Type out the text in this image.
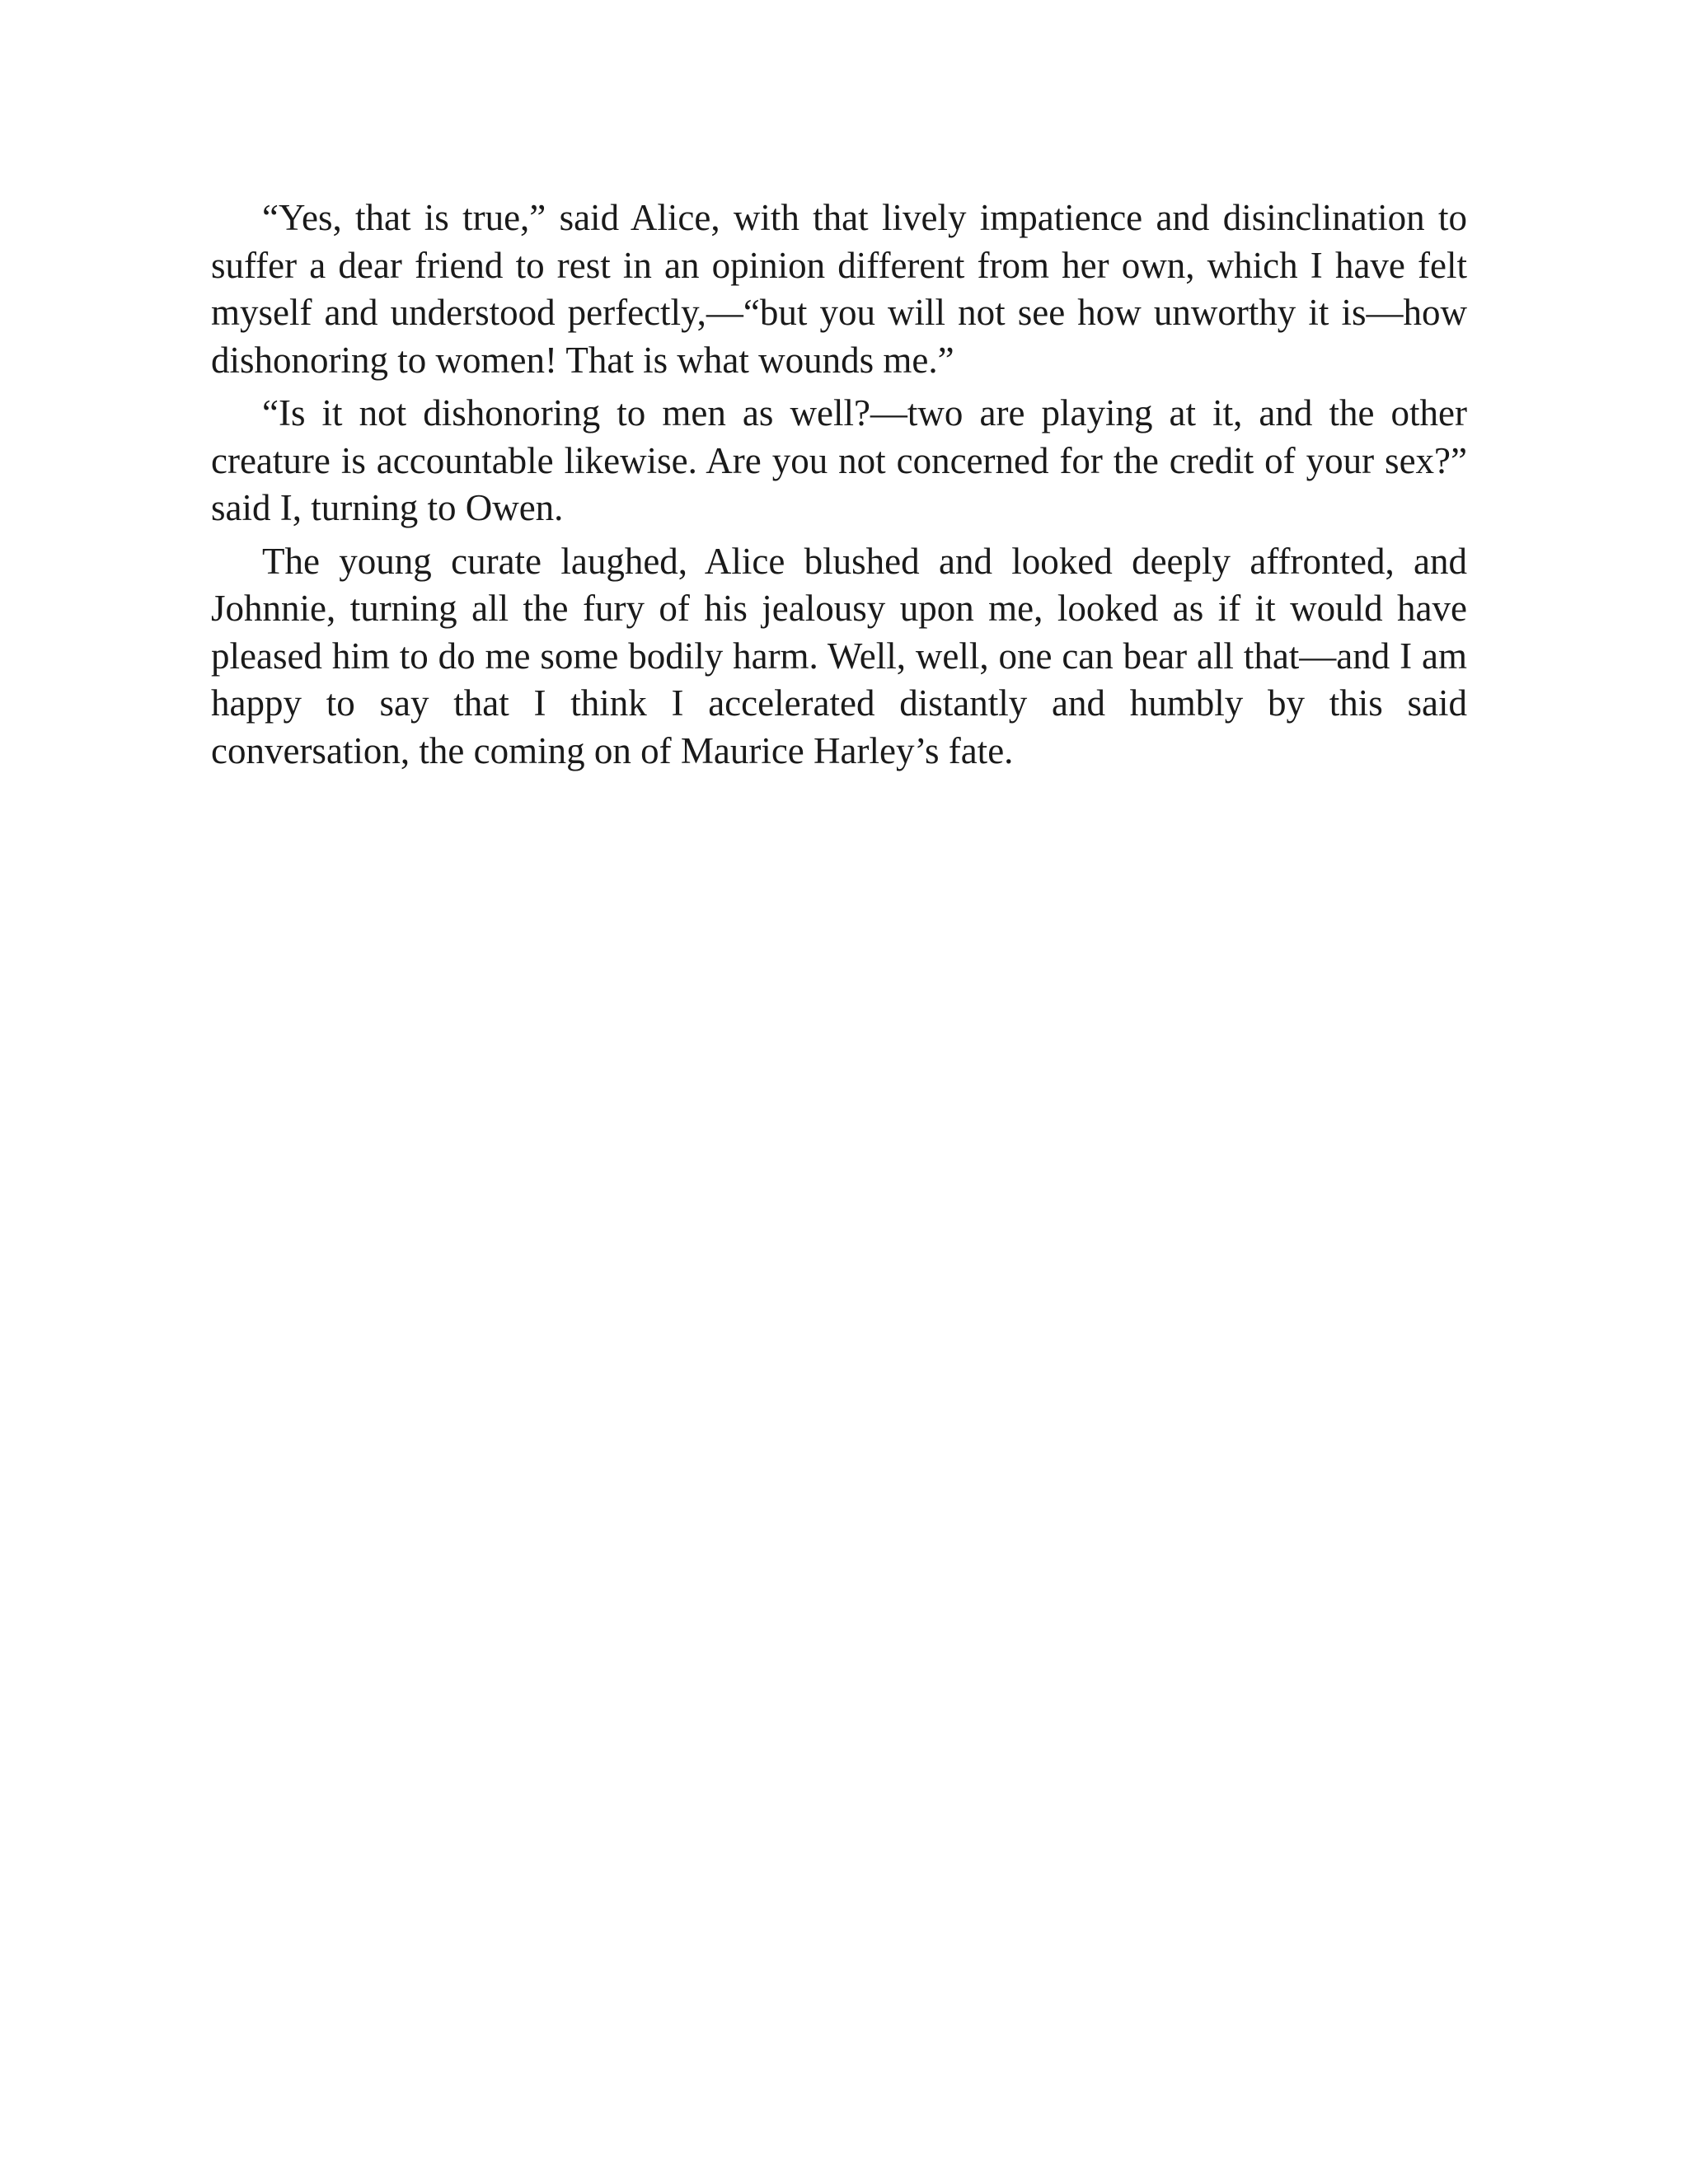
“Yes, that is true,” said Alice, with that lively impatience and disinclination to suffer a dear friend to rest in an opinion different from her own, which I have felt myself and understood perfectly,—“but you will not see how unworthy it is—how dishonoring to women! That is what wounds me.”

“Is it not dishonoring to men as well?—two are playing at it, and the other creature is accountable likewise. Are you not concerned for the credit of your sex?” said I, turning to Owen.

The young curate laughed, Alice blushed and looked deeply affronted, and Johnnie, turning all the fury of his jealousy upon me, looked as if it would have pleased him to do me some bodily harm. Well, well, one can bear all that—and I am happy to say that I think I accelerated distantly and humbly by this said conversation, the coming on of Maurice Harley’s fate.
